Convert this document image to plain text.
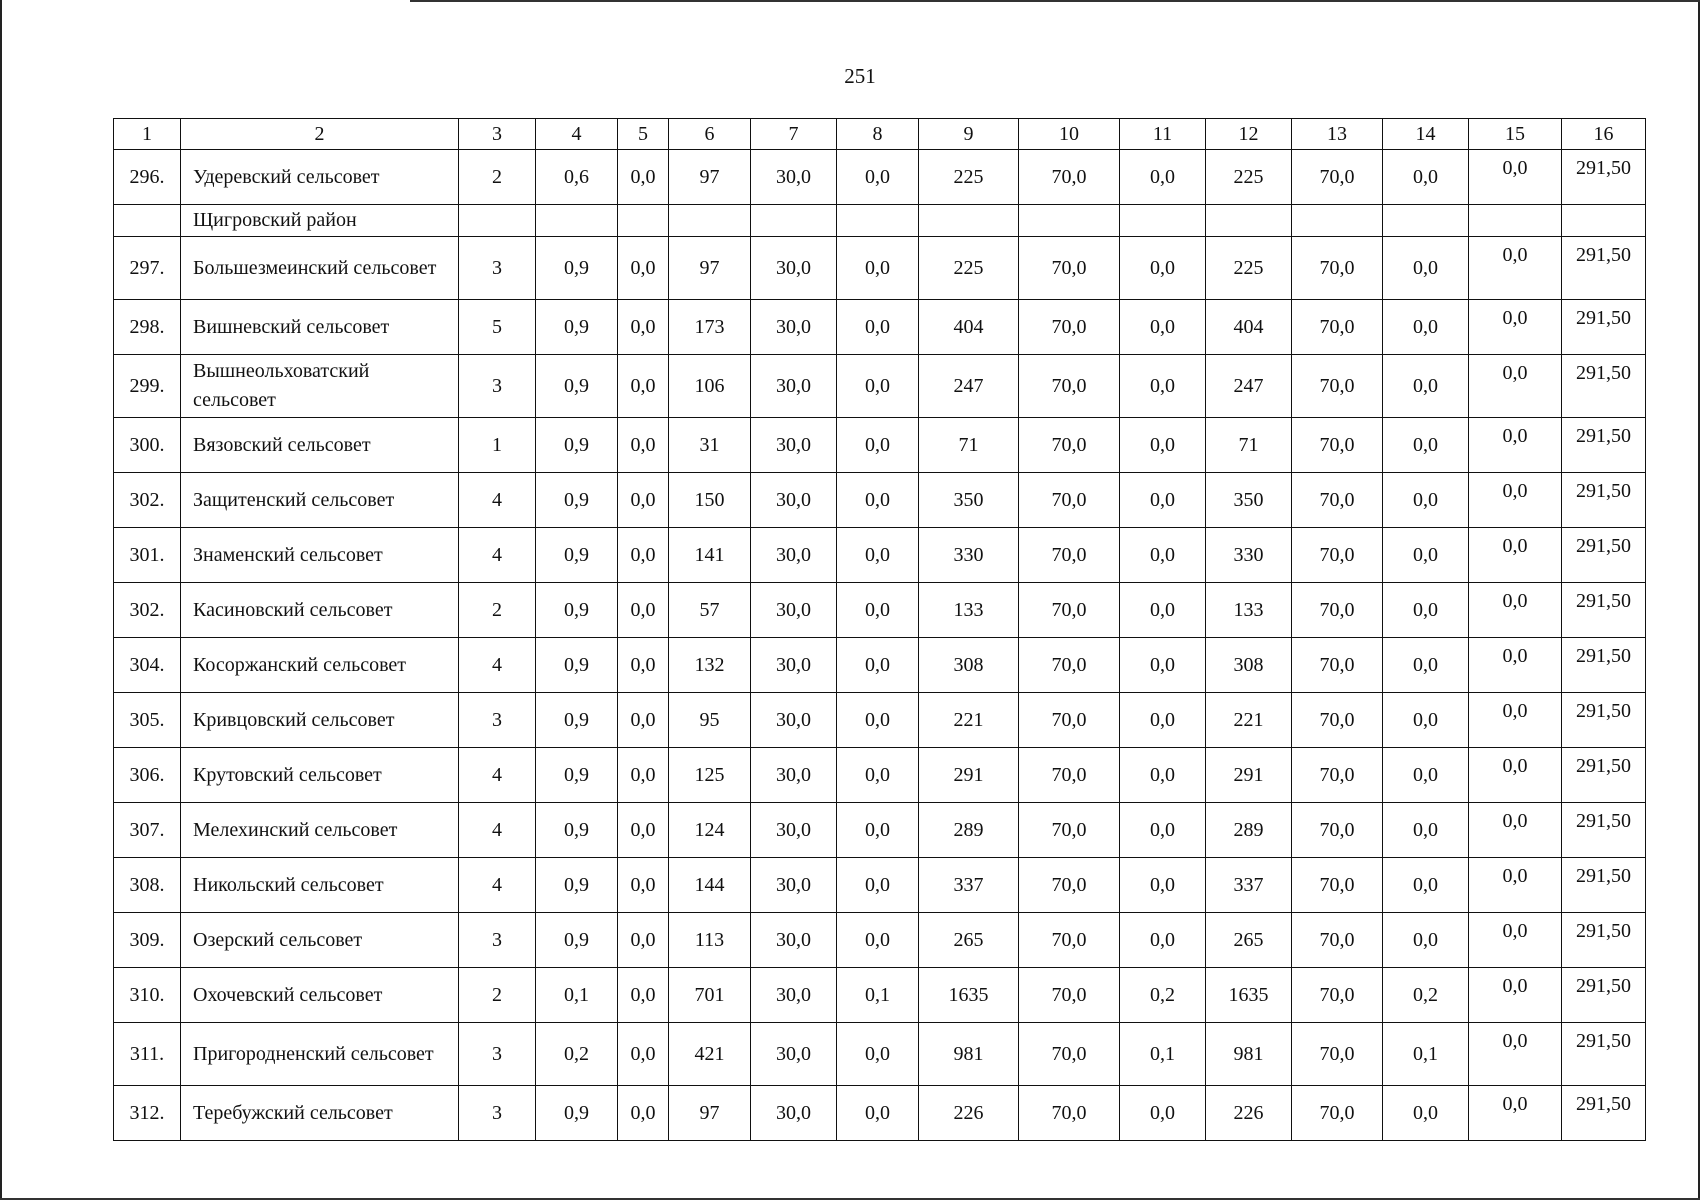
251
1	2	3	4	5	6	7	8	9	10	11	12	13	14	15	16
296.	Удеревский сельсовет	2	0,6	0,0	97	30,0	0,0	225	70,0	0,0	225	70,0	0,0	0,0	291,50
	Щигровский район														
297.	Большезмеинский сельсовет	3	0,9	0,0	97	30,0	0,0	225	70,0	0,0	225	70,0	0,0	0,0	291,50
298.	Вишневский сельсовет	5	0,9	0,0	173	30,0	0,0	404	70,0	0,0	404	70,0	0,0	0,0	291,50
299.	Вышнеольховатский сельсовет	3	0,9	0,0	106	30,0	0,0	247	70,0	0,0	247	70,0	0,0	0,0	291,50
300.	Вязовский сельсовет	1	0,9	0,0	31	30,0	0,0	71	70,0	0,0	71	70,0	0,0	0,0	291,50
302.	Защитенский сельсовет	4	0,9	0,0	150	30,0	0,0	350	70,0	0,0	350	70,0	0,0	0,0	291,50
301.	Знаменский сельсовет	4	0,9	0,0	141	30,0	0,0	330	70,0	0,0	330	70,0	0,0	0,0	291,50
302.	Касиновский сельсовет	2	0,9	0,0	57	30,0	0,0	133	70,0	0,0	133	70,0	0,0	0,0	291,50
304.	Косоржанский сельсовет	4	0,9	0,0	132	30,0	0,0	308	70,0	0,0	308	70,0	0,0	0,0	291,50
305.	Кривцовский сельсовет	3	0,9	0,0	95	30,0	0,0	221	70,0	0,0	221	70,0	0,0	0,0	291,50
306.	Крутовский сельсовет	4	0,9	0,0	125	30,0	0,0	291	70,0	0,0	291	70,0	0,0	0,0	291,50
307.	Мелехинский сельсовет	4	0,9	0,0	124	30,0	0,0	289	70,0	0,0	289	70,0	0,0	0,0	291,50
308.	Никольский сельсовет	4	0,9	0,0	144	30,0	0,0	337	70,0	0,0	337	70,0	0,0	0,0	291,50
309.	Озерский сельсовет	3	0,9	0,0	113	30,0	0,0	265	70,0	0,0	265	70,0	0,0	0,0	291,50
310.	Охочевский сельсовет	2	0,1	0,0	701	30,0	0,1	1635	70,0	0,2	1635	70,0	0,2	0,0	291,50
311.	Пригородненский сельсовет	3	0,2	0,0	421	30,0	0,0	981	70,0	0,1	981	70,0	0,1	0,0	291,50
312.	Теребужский сельсовет	3	0,9	0,0	97	30,0	0,0	226	70,0	0,0	226	70,0	0,0	0,0	291,50
